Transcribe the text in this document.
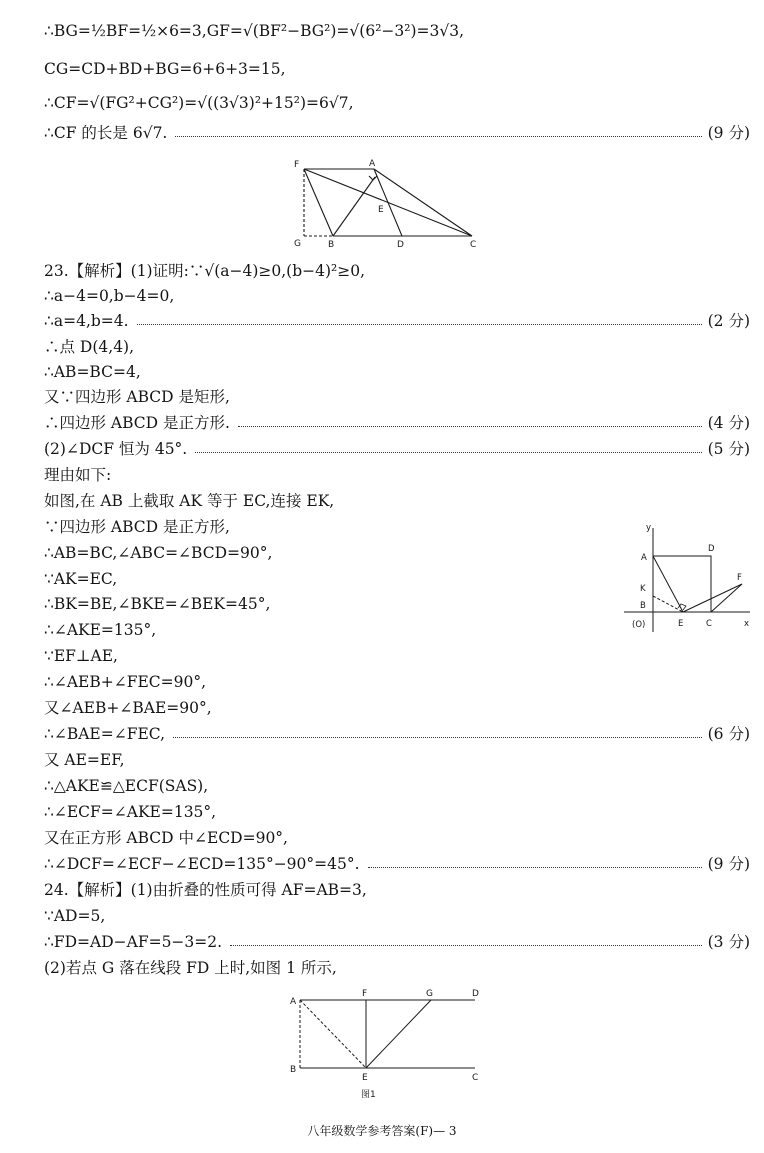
∴BG=½BF=½×6=3,GF=√(BF²−BG²)=√(6²−3²)=3√3,
CG=CD+BD+BG=6+6+3=15,
∴CF=√(FG²+CG²)=√((3√3)²+15²)=6√7,
∴CF 的长是 6√7.	(9 分)
23.【解析】(1)证明:∵√(a−4)≥0,(b−4)²≥0,
∴a−4=0,b−4=0,
∴a=4,b=4.	(2 分)
∴点 D(4,4),
∴AB=BC=4,
又∵四边形 ABCD 是矩形,
∴四边形 ABCD 是正方形.	(4 分)
(2)∠DCF 恒为 45°.	(5 分)
理由如下:
如图,在 AB 上截取 AK 等于 EC,连接 EK,
∵四边形 ABCD 是正方形,
∴AB=BC,∠ABC=∠BCD=90°,
∵AK=EC,
∴BK=BE,∠BKE=∠BEK=45°,
∴∠AKE=135°,
∵EF⊥AE,
∴∠AEB+∠FEC=90°,
又∠AEB+∠BAE=90°,
∴∠BAE=∠FEC,	(6 分)
又 AE=EF,
∴△AKE≌△ECF(SAS),
∴∠ECF=∠AKE=135°,
又在正方形 ABCD 中∠ECD=90°,
∴∠DCF=∠ECF−∠ECD=135°−90°=45°.	(9 分)
24.【解析】(1)由折叠的性质可得 AF=AB=3,
∵AD=5,
∴FD=AD−AF=5−3=2.	(3 分)
(2)若点 G 落在线段 FD 上时,如图 1 所示,
F	A
E
G	B	D	C
y
A
D
K
B
(O)	E	C
F
x
A
F	G	D
B
E	C
图1
八年级数学参考答案(F)— 3
